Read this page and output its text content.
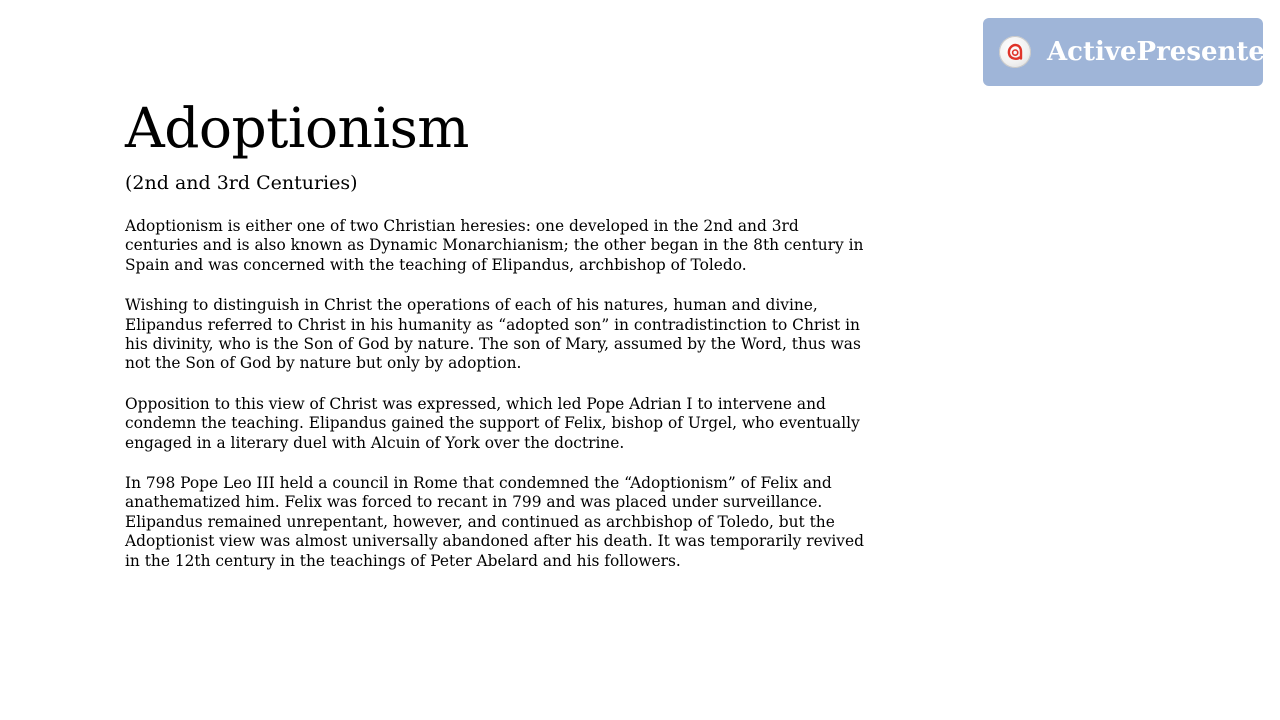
ActivePresenter
Adoptionism

(2nd and 3rd Centuries)

Adoptionism is either one of two Christian heresies: one developed in the 2nd and 3rd centuries and is also known as Dynamic Monarchianism; the other began in the 8th century in Spain and was concerned with the teaching of Elipandus, archbishop of Toledo.

Wishing to distinguish in Christ the operations of each of his natures, human and divine, Elipandus referred to Christ in his humanity as “adopted son” in contradistinction to Christ in his divinity, who is the Son of God by nature. The son of Mary, assumed by the Word, thus was not the Son of God by nature but only by adoption.

Opposition to this view of Christ was expressed, which led Pope Adrian I to intervene and condemn the teaching. Elipandus gained the support of Felix, bishop of Urgel, who eventually engaged in a literary duel with Alcuin of York over the doctrine.

In 798 Pope Leo III held a council in Rome that condemned the “Adoptionism” of Felix and anathematized him. Felix was forced to recant in 799 and was placed under surveillance. Elipandus remained unrepentant, however, and continued as archbishop of Toledo, but the Adoptionist view was almost universally abandoned after his death. It was temporarily revived in the 12th century in the teachings of Peter Abelard and his followers.
